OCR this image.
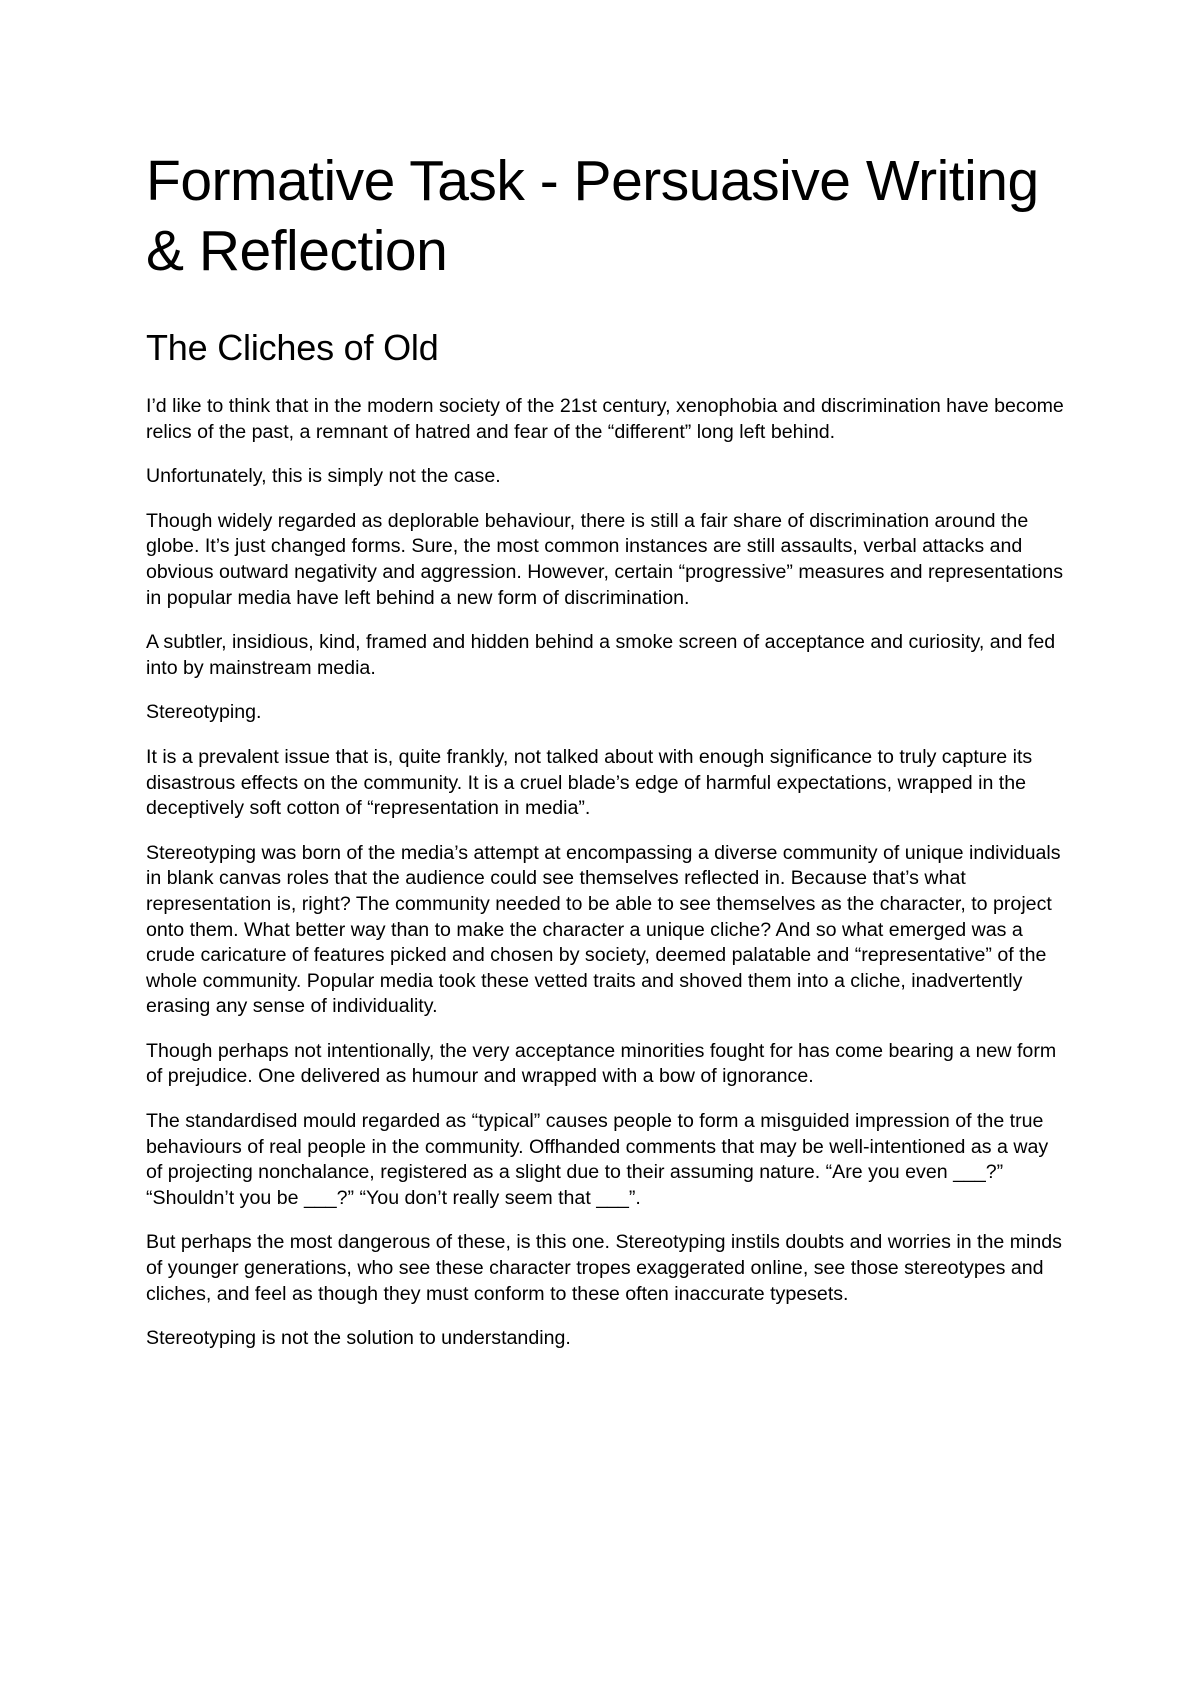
Formative Task - Persuasive Writing & Reflection
The Cliches of Old

I’d like to think that in the modern society of the 21st century, xenophobia and discrimination have become relics of the past, a remnant of hatred and fear of the “different” long left behind.

Unfortunately, this is simply not the case.

Though widely regarded as deplorable behaviour, there is still a fair share of discrimination around the globe. It’s just changed forms. Sure, the most common instances are still assaults, verbal attacks and obvious outward negativity and aggression. However, certain “progressive” measures and representations in popular media have left behind a new form of discrimination.

A subtler, insidious, kind, framed and hidden behind a smoke screen of acceptance and curiosity, and fed into by mainstream media.

Stereotyping.

It is a prevalent issue that is, quite frankly, not talked about with enough significance to truly capture its disastrous effects on the community. It is a cruel blade’s edge of harmful expectations, wrapped in the deceptively soft cotton of “representation in media”.

Stereotyping was born of the media’s attempt at encompassing a diverse community of unique individuals in blank canvas roles that the audience could see themselves reflected in. Because that’s what representation is, right? The community needed to be able to see themselves as the character, to project onto them. What better way than to make the character a unique cliche? And so what emerged was a crude caricature of features picked and chosen by society, deemed palatable and “representative” of the whole community. Popular media took these vetted traits and shoved them into a cliche, inadvertently erasing any sense of individuality.

Though perhaps not intentionally, the very acceptance minorities fought for has come bearing a new form of prejudice. One delivered as humour and wrapped with a bow of ignorance.

The standardised mould regarded as “typical” causes people to form a misguided impression of the true behaviours of real people in the community. Offhanded comments that may be well-intentioned as a way of projecting nonchalance, registered as a slight due to their assuming nature. “Are you even ___?” “Shouldn’t you be ___?” “You don’t really seem that ___”.

But perhaps the most dangerous of these, is this one. Stereotyping instils doubts and worries in the minds of younger generations, who see these character tropes exaggerated online, see those stereotypes and cliches, and feel as though they must conform to these often inaccurate typesets.

Stereotyping is not the solution to understanding.
